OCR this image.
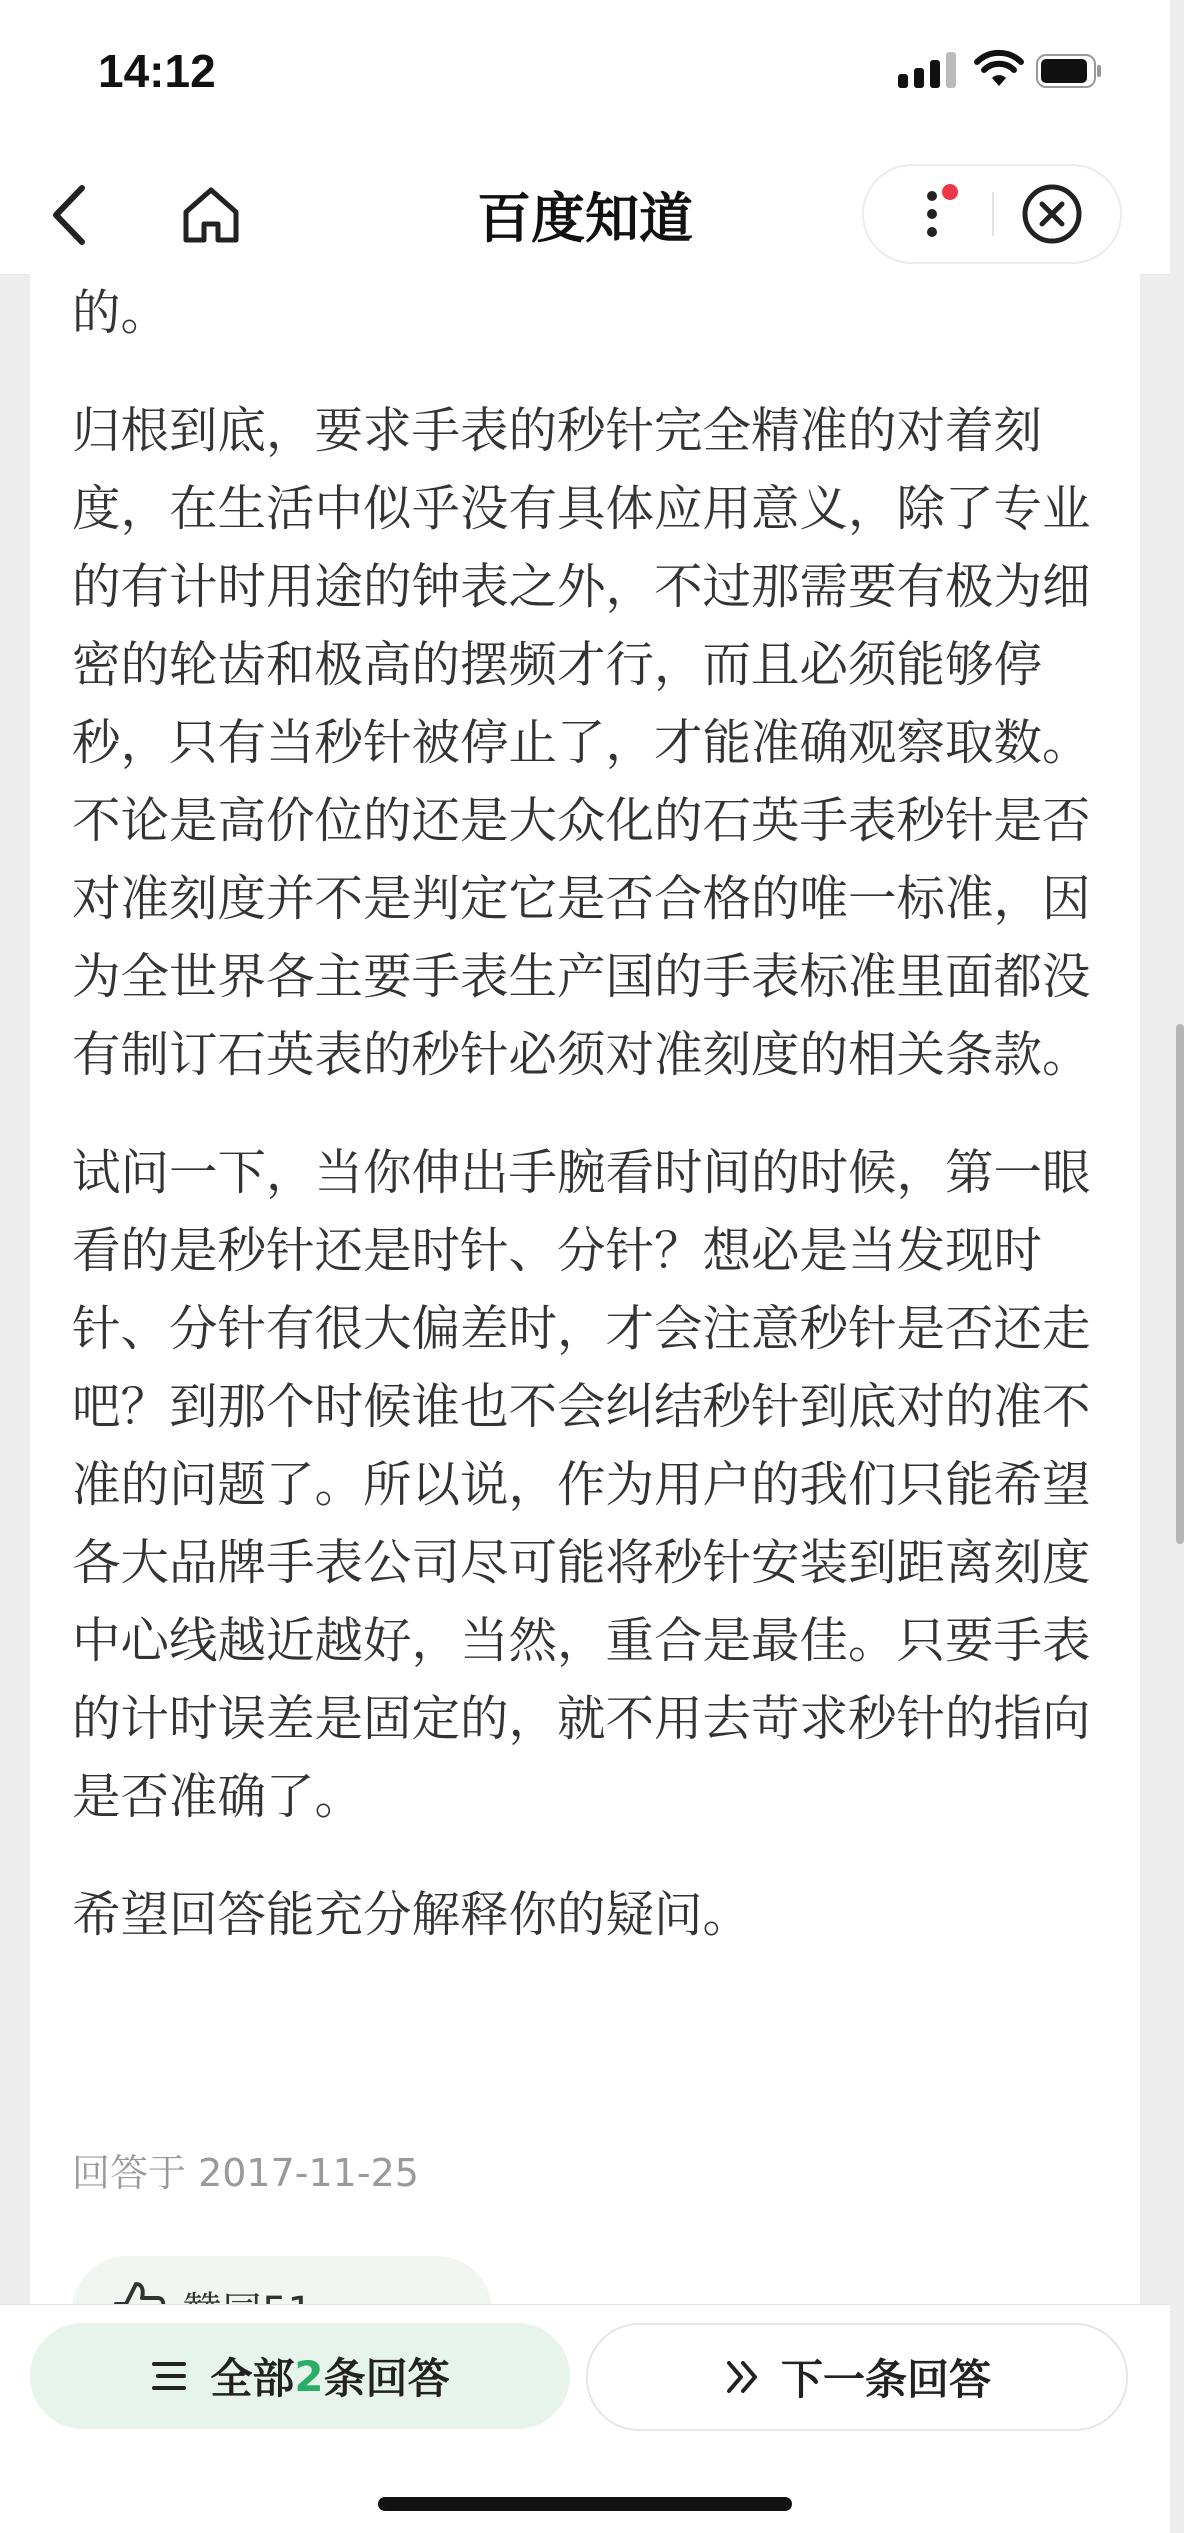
14:12
百度知道

的。

归根到底，要求手表的秒针完全精准的对着刻度，在生活中似乎没有具体应用意义，除了专业的有计时用途的钟表之外，不过那需要有极为细密的轮齿和极高的摆频才行，而且必须能够停秒，只有当秒针被停止了，才能准确观察取数。不论是高价位的还是大众化的石英手表秒针是否对准刻度并不是判定它是否合格的唯一标准，因为全世界各主要手表生产国的手表标准里面都没有制订石英表的秒针必须对准刻度的相关条款。

试问一下，当你伸出手腕看时间的时候，第一眼看的是秒针还是时针、分针？想必是当发现时针、分针有很大偏差时，才会注意秒针是否还走吧？到那个时候谁也不会纠结秒针到底对的准不准的问题了。所以说，作为用户的我们只能希望各大品牌手表公司尽可能将秒针安装到距离刻度中心线越近越好，当然，重合是最佳。只要手表的计时误差是固定的，就不用去苛求秒针的指向是否准确了。

希望回答能充分解释你的疑问。

回答于 2017-11-25
全部 2 条回答	下一条回答
